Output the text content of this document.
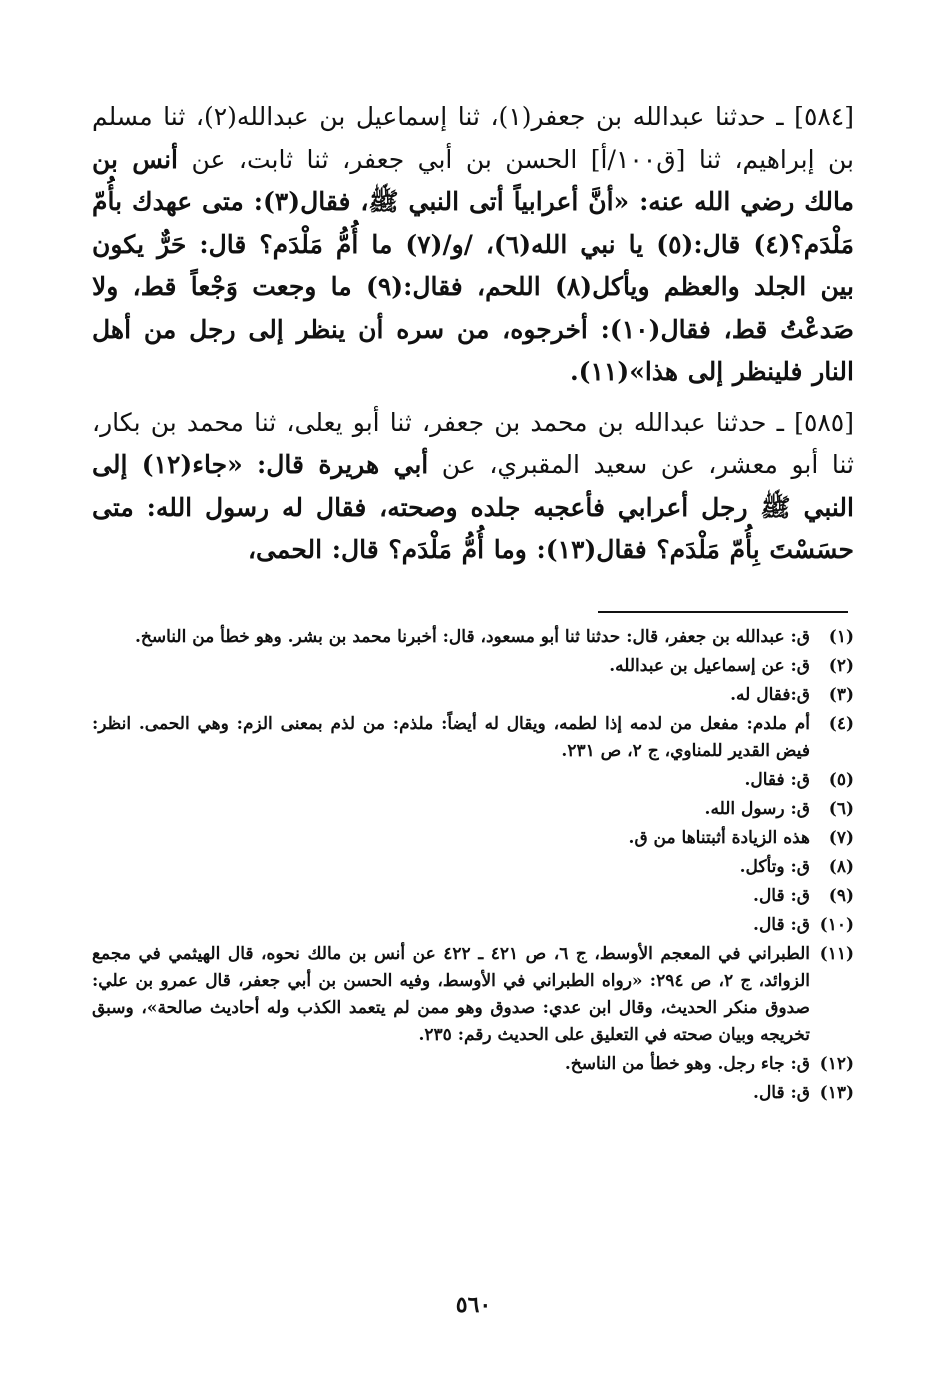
[٥٨٤] ـ حدثنا عبدالله بن جعفر(١)، ثنا إسماعيل بن عبدالله(٢)، ثنا مسلم بن إبراهيم، ثنا [ق١٠٠/أ] الحسن بن أبي جعفر، ثنا ثابت، عن أنس بن مالك رضي الله عنه: «أنَّ أعرابياً أتى النبي ﷺ، فقال(٣): متى عهدك بأُمّ مَلْدَم؟(٤) قال:(٥) يا نبي الله(٦)، /و/(٧) ما أُمُّ مَلْدَم؟ قال: حَرٌّ يكون بين الجلد والعظم ويأكل(٨) اللحم، فقال:(٩) ما وجعت وَجْعاً قط، ولا صَدعْتُ قط، فقال(١٠): أخرجوه، من سره أن ينظر إلى رجل من أهل النار فلينظر إلى هذا»(١١).

[٥٨٥] ـ حدثنا عبدالله بن محمد بن جعفر، ثنا أبو يعلى، ثنا محمد بن بكار، ثنا أبو معشر، عن سعيد المقبري، عن أبي هريرة قال: «جاء(١٢) إلى النبي ﷺ رجل أعرابي فأعجبه جلده وصحته، فقال له رسول الله: متى حسَسْتَ بِأُمّ مَلْدَم؟ فقال(١٣): وما أُمُّ مَلْدَم؟ قال: الحمى،

(١)
ق: عبدالله بن جعفر، قال: حدثنا ثنا أبو مسعود، قال: أخبرنا محمد بن بشر. وهو خطأ من الناسخ.
(٢)
ق: عن إسماعيل بن عبدالله.
(٣)
ق:فقال له.
(٤)
أم ملدم: مفعل من لدمه إذا لطمه، ويقال له أيضاً: ملذم: من لذم بمعنى الزم: وهي الحمى. انظر: فيض القدير للمناوي، ج ٢، ص ٢٣١.
(٥)
ق: فقال.
(٦)
ق: رسول الله.
(٧)
هذه الزيادة أثبتناها من ق.
(٨)
ق: وتأكل.
(٩)
ق: قال.
(١٠)
ق: قال.
(١١)
الطبراني في المعجم الأوسط، ج ٦، ص ٤٢١ ـ ٤٢٢ عن أنس بن مالك نحوه، قال الهيثمي في مجمع الزوائد، ج ٢، ص ٢٩٤: «رواه الطبراني في الأوسط، وفيه الحسن بن أبي جعفر، قال عمرو بن علي: صدوق منكر الحديث، وقال ابن عدي: صدوق وهو ممن لم يتعمد الكذب وله أحاديث صالحة»، وسبق تخريجه وبيان صحته في التعليق على الحديث رقم: ٢٣٥.
(١٢)
ق: جاء رجل. وهو خطأ من الناسخ.
(١٣)
ق: قال.
٥٦٠
